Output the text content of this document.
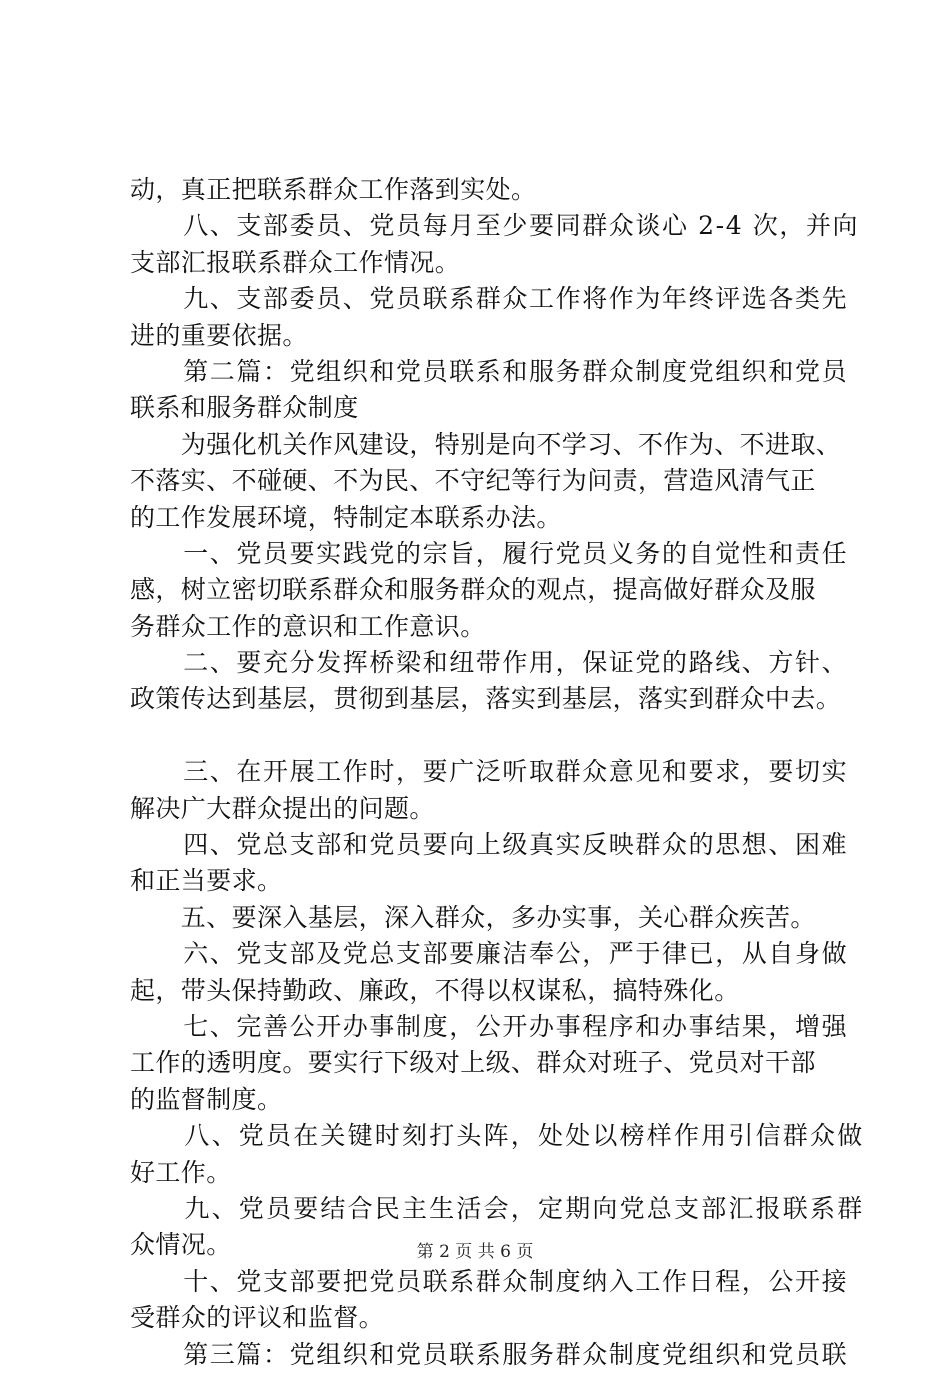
动，真正把联系群众工作落到实处。
　　八、支部委员、党员每月至少要同群众谈心 2-4 次，并向
支部汇报联系群众工作情况。
　　九、支部委员、党员联系群众工作将作为年终评选各类先
进的重要依据。
　　第二篇：党组织和党员联系和服务群众制度党组织和党员
联系和服务群众制度
　　为强化机关作风建设，特别是向不学习、不作为、不进取、
不落实、不碰硬、不为民、不守纪等行为问责，营造风清气正
的工作发展环境，特制定本联系办法。
　　一、党员要实践党的宗旨，履行党员义务的自觉性和责任
感，树立密切联系群众和服务群众的观点，提高做好群众及服
务群众工作的意识和工作意识。
　　二、要充分发挥桥梁和纽带作用，保证党的路线、方针、
政策传达到基层，贯彻到基层，落实到基层，落实到群众中去。
　　三、在开展工作时，要广泛听取群众意见和要求，要切实
解决广大群众提出的问题。
　　四、党总支部和党员要向上级真实反映群众的思想、困难
和正当要求。
　　五、要深入基层，深入群众，多办实事，关心群众疾苦。
　　六、党支部及党总支部要廉洁奉公，严于律已，从自身做
起，带头保持勤政、廉政，不得以权谋私，搞特殊化。
　　七、完善公开办事制度，公开办事程序和办事结果，增强
工作的透明度。要实行下级对上级、群众对班子、党员对干部
的监督制度。
　　八、党员在关键时刻打头阵，处处以榜样作用引信群众做
好工作。
　　九、党员要结合民主生活会，定期向党总支部汇报联系群
众情况。
　　十、党支部要把党员联系群众制度纳入工作日程，公开接
受群众的评议和监督。
　　第三篇：党组织和党员联系服务群众制度党组织和党员联
第 2 页 共 6 页
